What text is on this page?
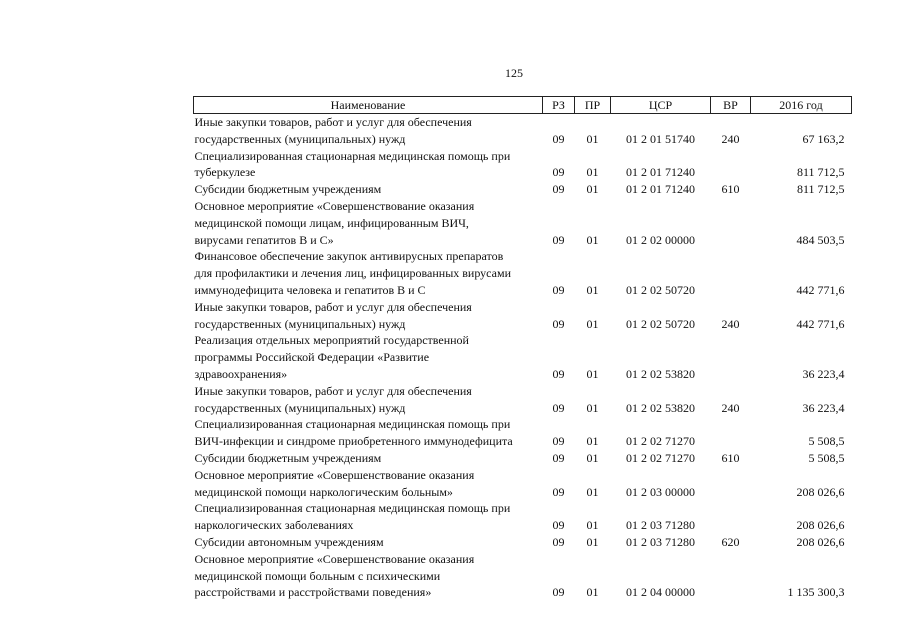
125
Наименование	РЗ	ПР	ЦСР	ВР	2016 год

Иные закупки товаров, работ и услуг для обеспечения
государственных (муниципальных) нужд	09	01	01 2 01 51740	240	67 163,2

Специализированная стационарная медицинская помощь при
туберкулезе	09	01	01 2 01 71240		811 712,5

Субсидии бюджетным учреждениям	09	01	01 2 01 71240	610	811 712,5

Основное мероприятие «Совершенствование оказания
медицинской помощи лицам, инфицированным ВИЧ,
вирусами гепатитов В и С»	09	01	01 2 02 00000		484 503,5

Финансовое обеспечение закупок антивирусных препаратов
для профилактики и лечения лиц, инфицированных вирусами
иммунодефицита человека и гепатитов В и С	09	01	01 2 02 50720		442 771,6

Иные закупки товаров, работ и услуг для обеспечения
государственных (муниципальных) нужд	09	01	01 2 02 50720	240	442 771,6

Реализация отдельных мероприятий государственной
программы Российской Федерации «Развитие
здравоохранения»	09	01	01 2 02 53820		36 223,4

Иные закупки товаров, работ и услуг для обеспечения
государственных (муниципальных) нужд	09	01	01 2 02 53820	240	36 223,4

Специализированная стационарная медицинская помощь при
ВИЧ-инфекции и синдроме приобретенного иммунодефицита	09	01	01 2 02 71270		5 508,5

Субсидии бюджетным учреждениям	09	01	01 2 02 71270	610	5 508,5

Основное мероприятие «Совершенствование оказания
медицинской помощи наркологическим больным»	09	01	01 2 03 00000		208 026,6

Специализированная стационарная медицинская помощь при
наркологических заболеваниях	09	01	01 2 03 71280		208 026,6

Субсидии автономным учреждениям	09	01	01 2 03 71280	620	208 026,6

Основное мероприятие «Совершенствование оказания
медицинской помощи больным с психическими
расстройствами и расстройствами поведения»	09	01	01 2 04 00000		1 135 300,3
